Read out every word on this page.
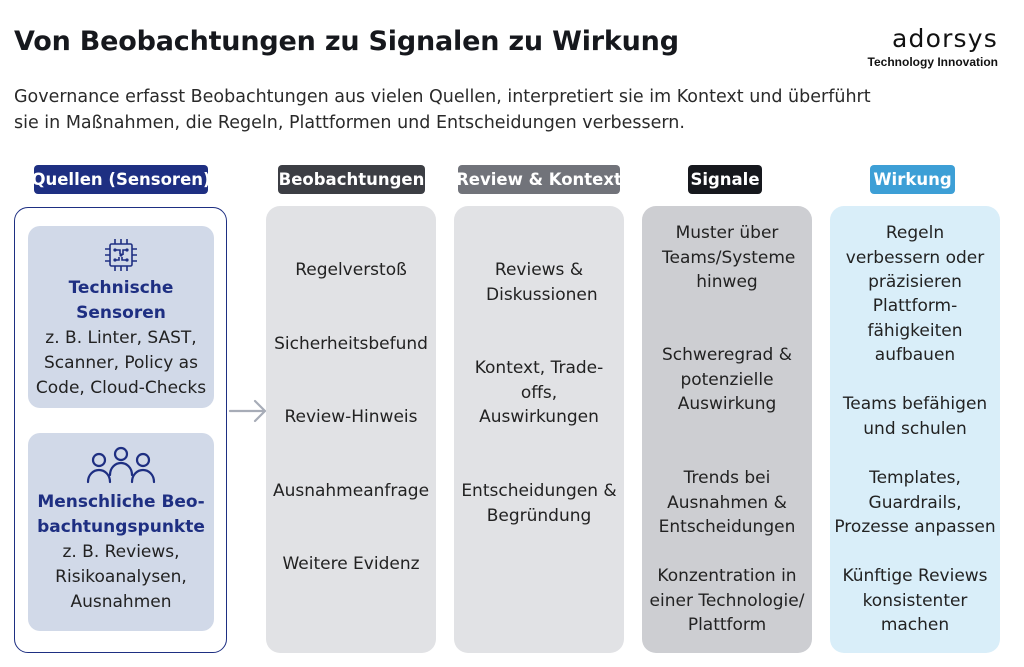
Von Beobachtungen zu Signalen zu Wirkung
Governance erfasst Beobachtungen aus vielen Quellen, interpretiert sie im Kontext und überführt sie in Maßnahmen, die Regeln, Plattformen und Entscheidungen verbessern.
adorsys
Technology Innovation
Quellen (Sensoren)	Beobachtungen Review & Kontext	Signale	Wirkung
Technische Sensoren
z. B. Linter, SAST, Scanner, Policy as Code, Cloud-Checks
Menschliche Beo-bachtungspunkte
z. B. Reviews, Risikoanalysen, Ausnahmen
Regelverstoß
Sicherheitsbefund
Review-Hinweis
Ausnahmeanfrage
Weitere Evidenz
Reviews & Diskussionen
Kontext, Trade-offs, Auswirkungen
Entscheidungen & Begründung
Muster über Teams/Systeme hinweg
Schweregrad & potenzielle Auswirkung
Trends bei Ausnahmen & Entscheidungen
Konzentration in einer Technologie/ Plattform
Regeln verbessern oder präzisieren
Plattform-fähigkeiten aufbauen
Teams befähigen und schulen
Templates, Guardrails, Prozesse anpassen
Künftige Reviews konsistenter machen
